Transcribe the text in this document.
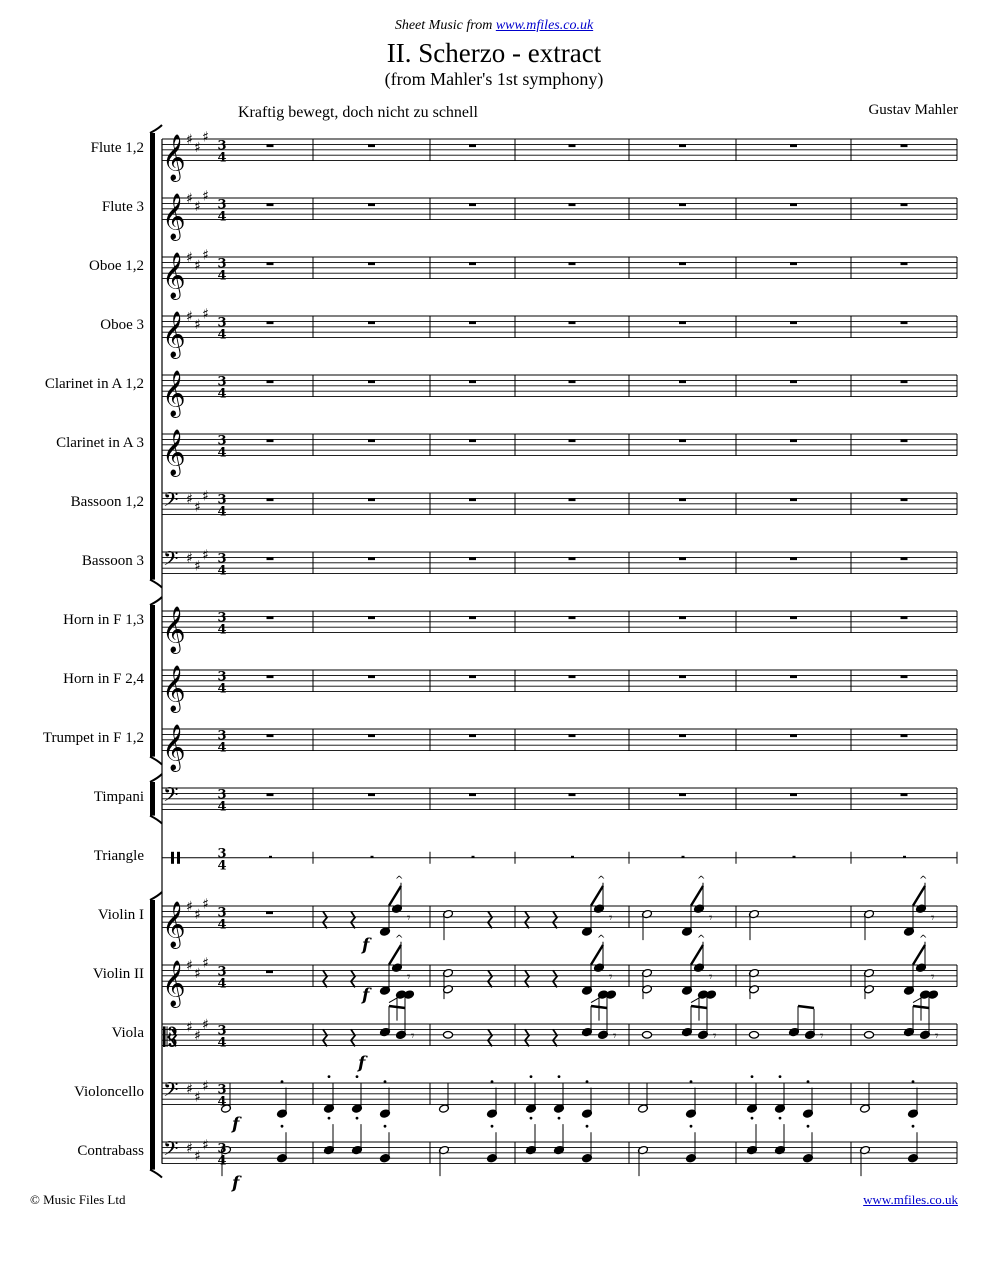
Sheet Music from www.mfiles.co.uk
II. Scherzo - extract
(from Mahler's 1st symphony)
Kraftig bewegt, doch nicht zu schnell	Gustav Mahler
Flute 1,2
Flute 3
Oboe 1,2
Oboe 3
Clarinet in A 1,2
Clarinet in A 3
Bassoon 1,2
Bassoon 3
Horn in F 1,3
Horn in F 2,4
Trumpet in F 1,2
Timpani
Triangle
Violin I
Violin II
Viola
Violoncello
Contrabass
𝄞 ♯
♯
♯
3
4
𝄞 ♯
♯
♯
3
4
𝄞 ♯
♯
♯
3
4
𝄞 ♯
♯
♯
3
4
𝄞 3
4
𝄞 3
4
𝄢 ♯
♯
♯ 3
4
𝄢 ♯
♯
♯ 3
4
𝄞 3
4
𝄞 3
4
𝄞 3
4
𝄢	3
4
3
4
𝄞 ♯
♯
♯
3
4
^
𝄾
^
𝄾
^
𝄾
^
𝄾
f
𝄞 ♯
♯
♯
3
4
^
𝄾
^
𝄾
^
𝄾
^
𝄾
f
𝄡 ♯
♯
♯ 3
4	𝄾	𝄾	𝄾	𝄾	𝄾
f
𝄢 ♯
♯
♯ 3
4
f
𝄢 ♯
♯
♯ 3
4
f
© Music Files Ltd	www.mfiles.co.uk
